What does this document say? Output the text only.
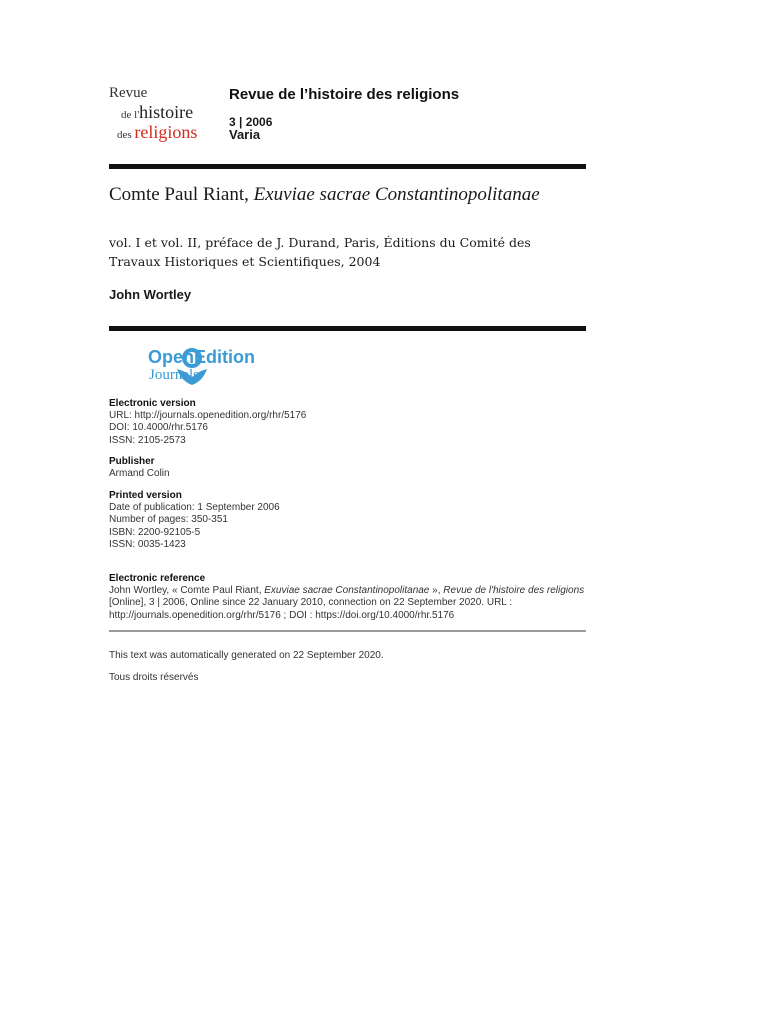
Revue
de l'histoire
des religions
Revue de l’histoire des religions
3 | 2006
Varia
Comte Paul Riant, Exuviae sacrae Constantinopolitanae
vol. I et vol. II, préface de J. Durand, Paris, Éditions du Comité des Travaux Historiques et Scientifiques, 2004
John Wortley
OpenEdition
Journals
Electronic version
URL: http://journals.openedition.org/rhr/5176
DOI: 10.4000/rhr.5176
ISSN: 2105-2573
Publisher
Armand Colin
Printed version
Date of publication: 1 September 2006
Number of pages: 350-351
ISBN: 2200-92105-5
ISSN: 0035-1423
Electronic reference
John Wortley, « Comte Paul Riant, Exuviae sacrae Constantinopolitanae », Revue de l'histoire des religions [Online], 3 | 2006, Online since 22 January 2010, connection on 22 September 2020. URL : http://journals.openedition.org/rhr/5176 ; DOI : https://doi.org/10.4000/rhr.5176
This text was automatically generated on 22 September 2020.
Tous droits réservés
